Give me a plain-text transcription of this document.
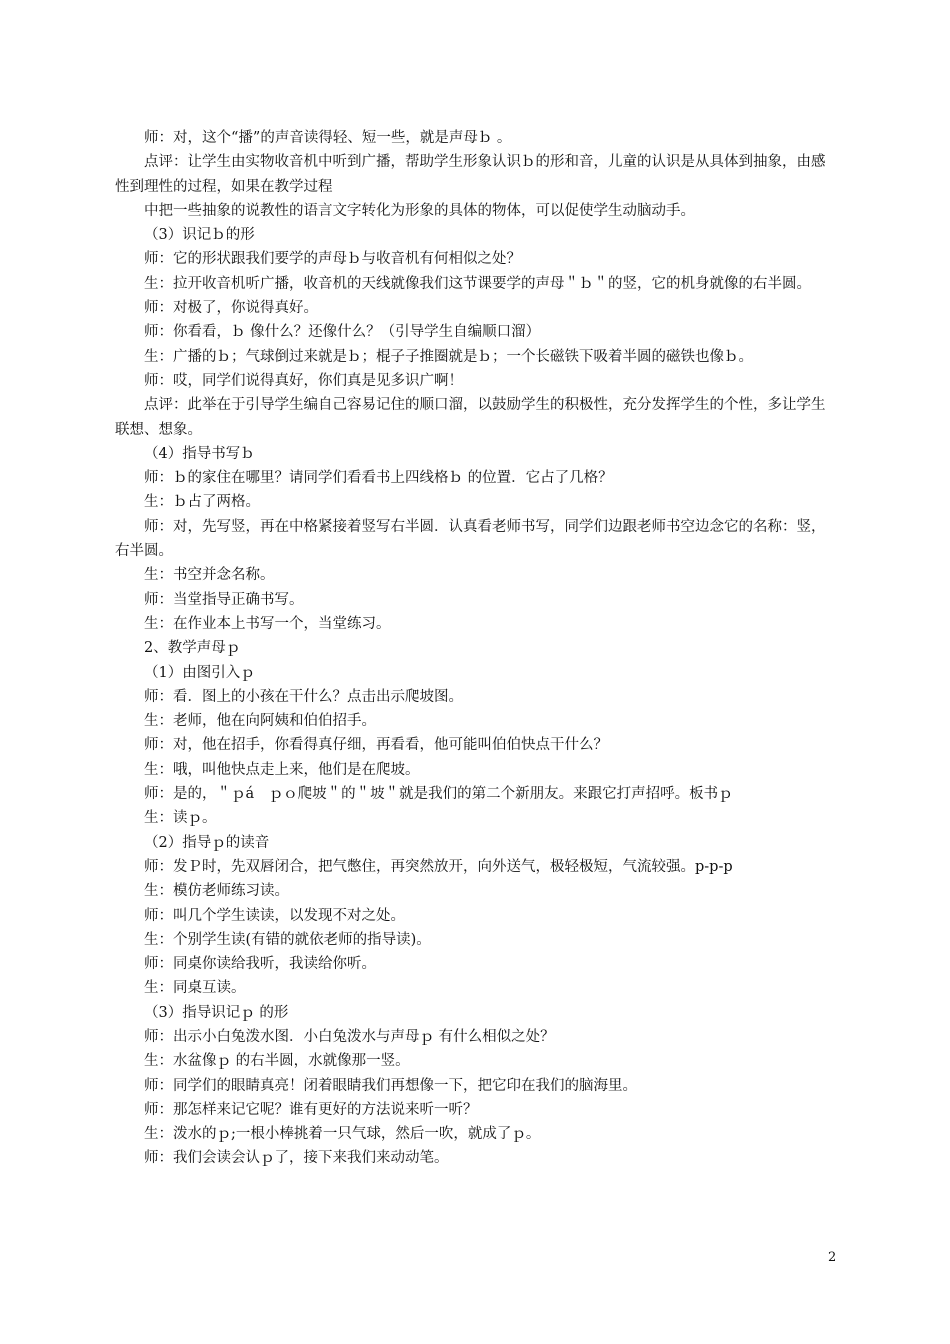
师：对，这个“播”的声音读得轻、短一些，就是声母ｂ 。

点评：让学生由实物收音机中听到广播，帮助学生形象认识ｂ的形和音，儿童的认识是从具体到抽象，由感性到理性的过程，如果在教学过程

中把一些抽象的说教性的语言文字转化为形象的具体的物体，可以促使学生动脑动手。

（3）识记ｂ的形

师：它的形状跟我们要学的声母ｂ与收音机有何相似之处？

生：拉开收音机听广播，收音机的天线就像我们这节课要学的声母＂ｂ＂的竖，它的机身就像的右半圆。

师：对极了，你说得真好。

师：你看看，ｂ 像什么？还像什么？（引导学生自编顺口溜）

生：广播的ｂ；气球倒过来就是ｂ；棍子子推圈就是ｂ；一个长磁铁下吸着半圆的磁铁也像ｂ。

师：哎，同学们说得真好，你们真是见多识广啊！

点评：此举在于引导学生编自己容易记住的顺口溜，以鼓励学生的积极性，充分发挥学生的个性，多让学生联想、想象。

（4）指导书写ｂ

师：ｂ的家住在哪里？请同学们看看书上四线格ｂ 的位置．它占了几格？

生：ｂ占了两格。

师：对，先写竖，再在中格紧接着竖写右半圆．认真看老师书写，同学们边跟老师书空边念它的名称：竖，右半圆。

生：书空并念名称。

师：当堂指导正确书写。

生：在作业本上书写一个，当堂练习。

2、教学声母ｐ

（1）由图引入ｐ

师：看．图上的小孩在干什么？点击出示爬坡图。

生：老师，他在向阿姨和伯伯招手。

师：对，他在招手，你看得真仔细，再看看，他可能叫伯伯快点干什么？

生：哦，叫他快点走上来，他们是在爬坡。

师：是的，＂ｐá　ｐｏ爬坡＂的＂坡＂就是我们的第二个新朋友。来跟它打声招呼。板书ｐ

生：读ｐ。

（2）指导ｐ的读音

师：发Ｐ时，先双唇闭合，把气憋住，再突然放开，向外送气，极轻极短，气流较强。p-p-p

生：模仿老师练习读。

师：叫几个学生读读，以发现不对之处。

生：个别学生读(有错的就依老师的指导读)。

师：同桌你读给我听，我读给你听。

生：同桌互读。

（3）指导识记ｐ 的形

师：出示小白兔泼水图．小白兔泼水与声母ｐ 有什么相似之处？

生：水盆像ｐ 的右半圆，水就像那一竖。

师：同学们的眼睛真亮！闭着眼睛我们再想像一下，把它印在我们的脑海里。

师：那怎样来记它呢？谁有更好的方法说来听一听？

生：泼水的ｐ;一根小棒挑着一只气球，然后一吹，就成了ｐ。

师：我们会读会认ｐ了，接下来我们来动动笔。

2
